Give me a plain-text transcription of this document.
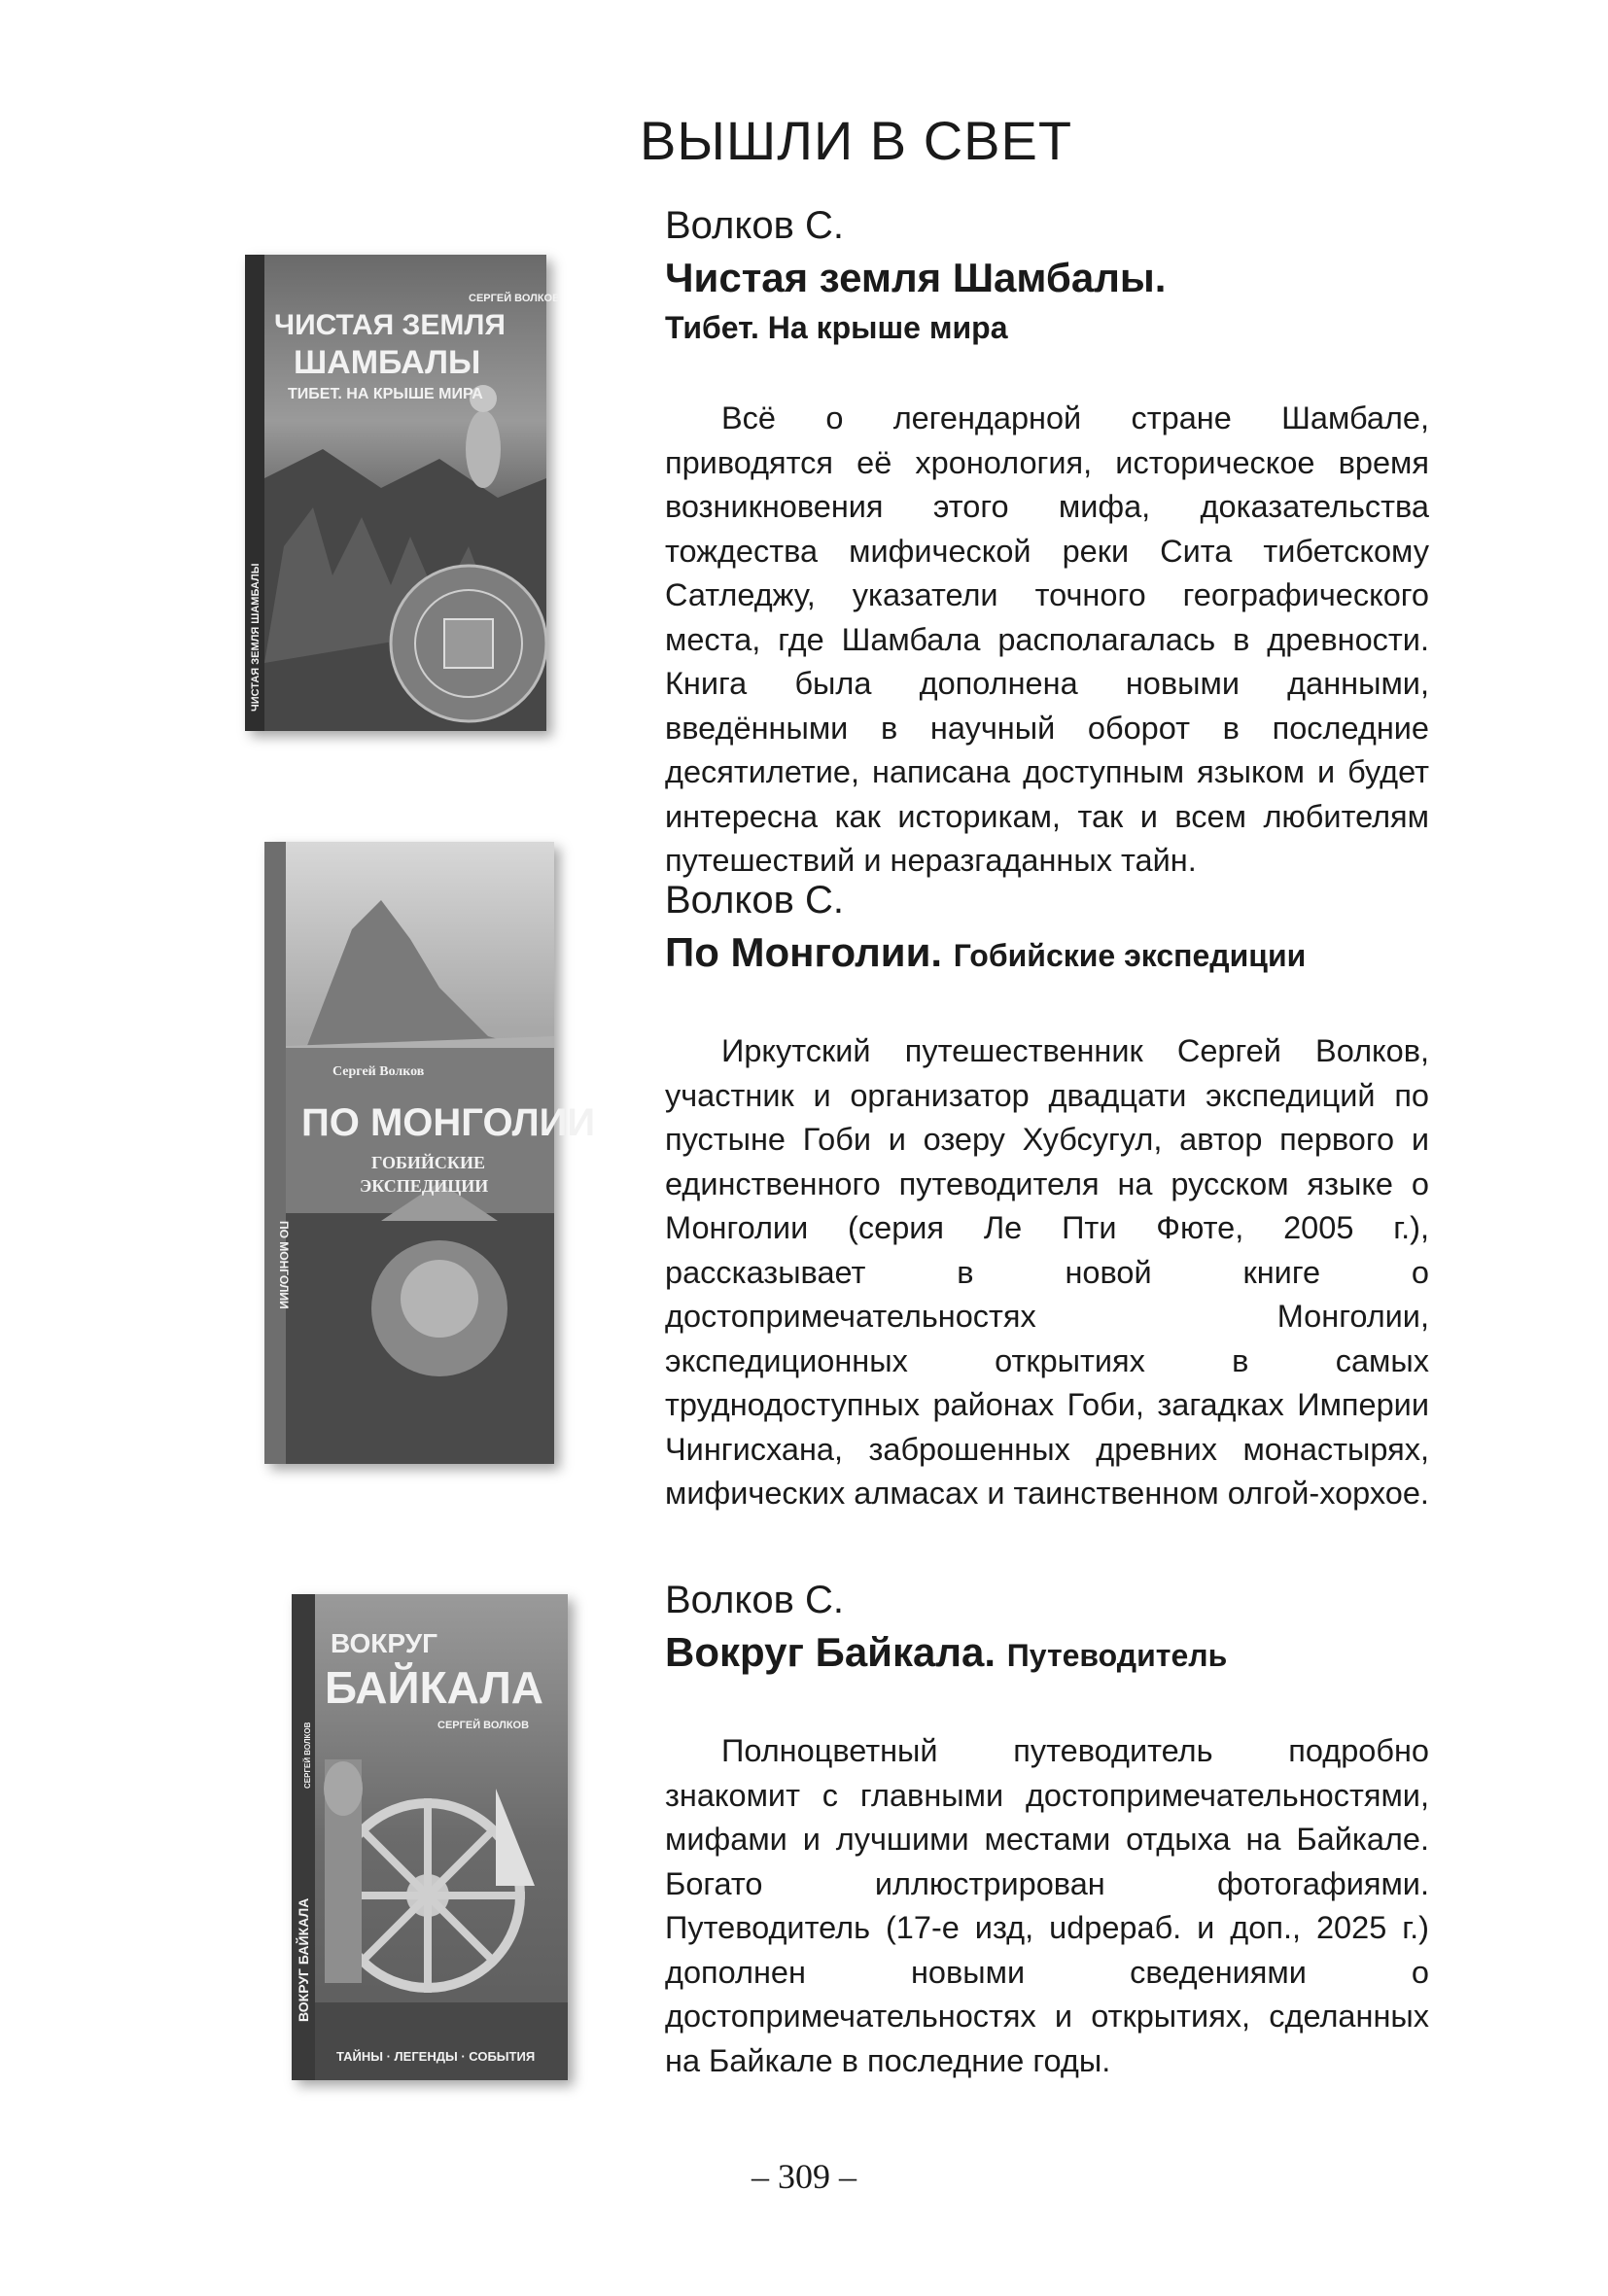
ВЫШЛИ В СВЕТ
СЕРГЕЙ ВОЛКОВ
ЧИСТАЯ ЗЕМЛЯ
ШАМБАЛЫ
ТИБЕТ. НА КРЫШЕ МИРА
ЧИСТАЯ ЗЕМЛЯ ШАМБАЛЫ
Волков С.
Чистая земля Шамбалы.
Тибет. На крыше мира

Всё о легендарной стране Шамбале, приводятся её хронология, историческое время возникновения этого мифа, доказательства тождества мифической реки Сита тибетскому Сатледжу, указатели точного географического места, где Шамбала располагалась в древности. Книга была дополнена новыми данными, введёнными в научный оборот в последние десятилетие, написана доступным языком и будет интересна как историкам, так и всем любителям путешествий и неразгаданных тайн.

Сергей Волков
ПО МОНГОЛИИ
ГОБИЙСКИЕ
ЭКСПЕДИЦИИ
ПО МОНГОЛИИ
Волков С.
По Монголии. Гобийские экспедиции

Иркутский путешественник Сергей Волков, участник и организатор двадцати экспедиций по пустыне Гоби и озеру Хубсугул, автор первого и единственного путеводителя на русском языке о Монголии (серия Ле Пти Фюте, 2005 г.), рассказывает в новой книге о достопримечательностях Монголии, экспедиционных открытиях в самых труднодоступных районах Гоби, загадках Империи Чингисхана, заброшенных древних монастырях, мифических алмасах и таинственном олгой-хорхое.

ВОКРУГ
БАЙКАЛА
СЕРГЕЙ ВОЛКОВ
ТАЙНЫ · ЛЕГЕНДЫ · СОБЫТИЯ
ВОКРУГ БАЙКАЛА
СЕРГЕЙ ВОЛКОВ
Волков С.
Вокруг Байкала. Путеводитель

Полноцветный путеводитель подробно знакомит с главными достопримечательностями, мифами и лучшими местами отдыха на Байкале. Богато иллюстрирован фотогафиями. Путеводитель (17-е изд, udpераб. и доп., 2025 г.) дополнен новыми сведениями о достопримечательностях и открытиях, сделанных на Байкале в последние годы.

– 309 –
